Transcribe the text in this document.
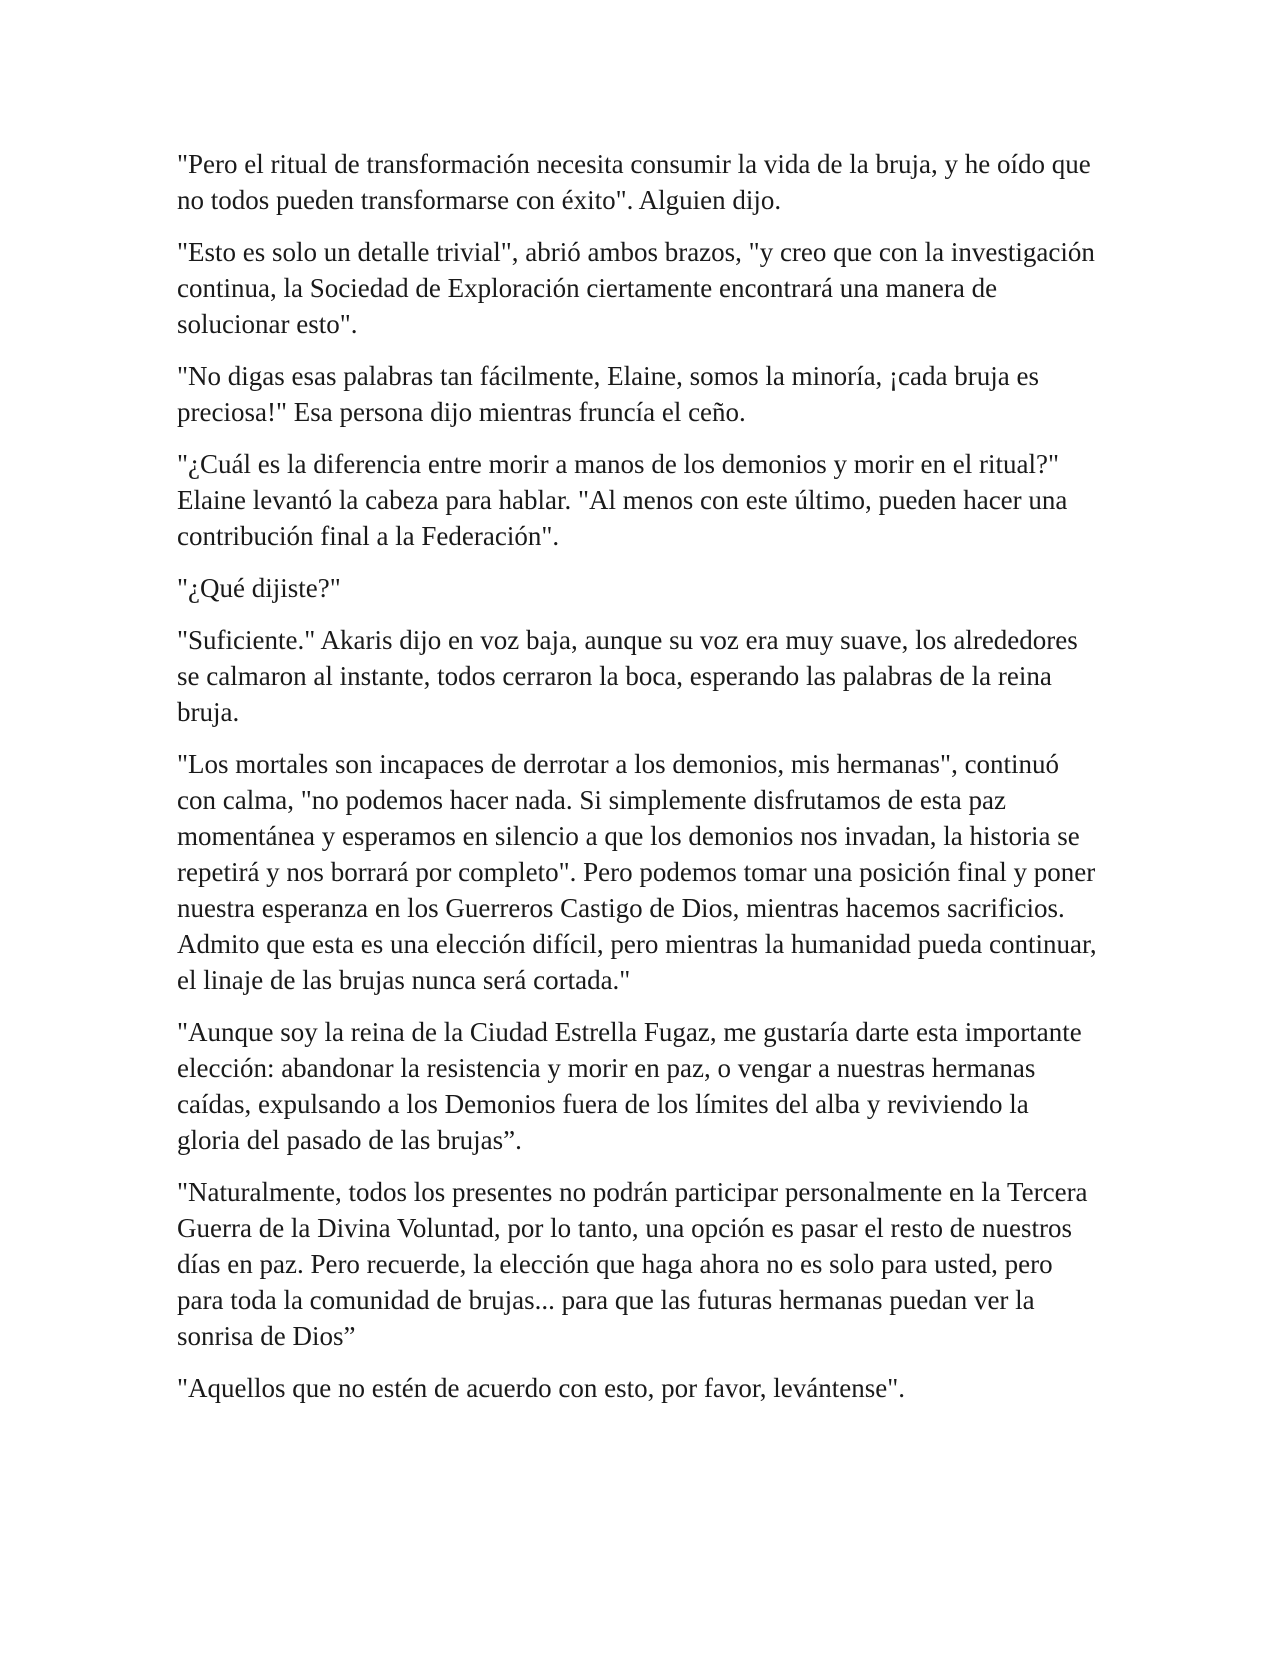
"Pero el ritual de transformación necesita consumir la vida de la bruja, y he oído que no todos pueden transformarse con éxito". Alguien dijo.

"Esto es solo un detalle trivial", abrió ambos brazos, "y creo que con la investigación continua, la Sociedad de Exploración ciertamente encontrará una manera de solucionar esto".

"No digas esas palabras tan fácilmente, Elaine, somos la minoría, ¡cada bruja es preciosa!" Esa persona dijo mientras fruncía el ceño.

"¿Cuál es la diferencia entre morir a manos de los demonios y morir en el ritual?" Elaine levantó la cabeza para hablar. "Al menos con este último, pueden hacer una contribución final a la Federación".

"¿Qué dijiste?"

"Suficiente." Akaris dijo en voz baja, aunque su voz era muy suave, los alrededores se calmaron al instante, todos cerraron la boca, esperando las palabras de la reina bruja.

"Los mortales son incapaces de derrotar a los demonios, mis hermanas", continuó con calma, "no podemos hacer nada. Si simplemente disfrutamos de esta paz momentánea y esperamos en silencio a que los demonios nos invadan, la historia se repetirá y nos borrará por completo". Pero podemos tomar una posición final y poner nuestra esperanza en los Guerreros Castigo de Dios, mientras hacemos sacrificios. Admito que esta es una elección difícil, pero mientras la humanidad pueda continuar, el linaje de las brujas nunca será cortada."

"Aunque soy la reina de la Ciudad Estrella Fugaz, me gustaría darte esta importante elección: abandonar la resistencia y morir en paz, o vengar a nuestras hermanas caídas, expulsando a los Demonios fuera de los límites del alba y reviviendo la gloria del pasado de las brujas”.

"Naturalmente, todos los presentes no podrán participar personalmente en la Tercera Guerra de la Divina Voluntad, por lo tanto, una opción es pasar el resto de nuestros días en paz. Pero recuerde, la elección que haga ahora no es solo para usted, pero para toda la comunidad de brujas... para que las futuras hermanas puedan ver la sonrisa de Dios”

"Aquellos que no estén de acuerdo con esto, por favor, levántense".
